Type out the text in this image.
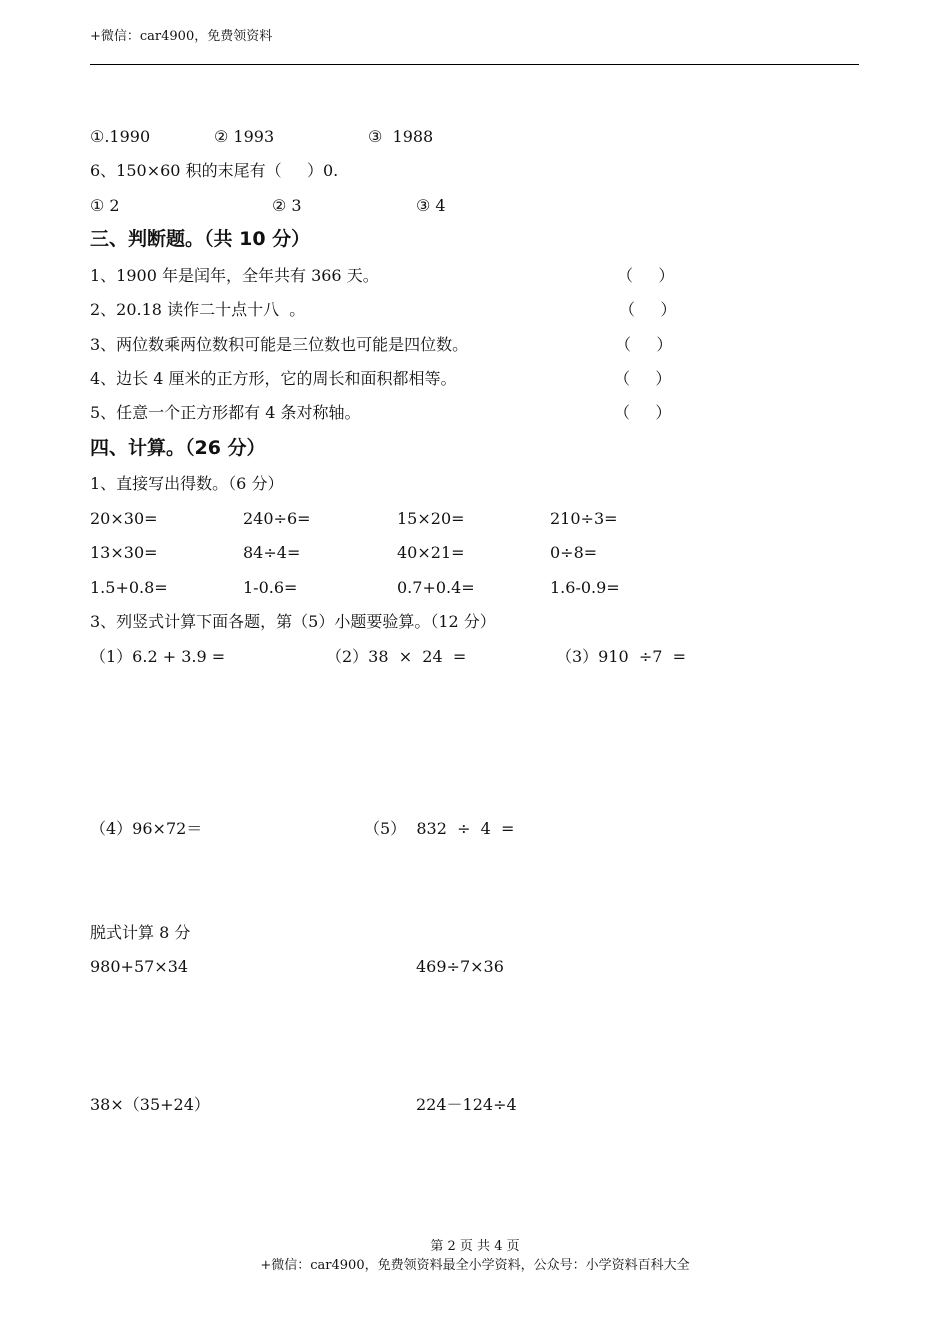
+微信：car4900，免费领资料
①.1990	② 1993	③  1988
6、150×60 积的末尾有（     ）0.
① 2	② 3	③ 4
三、判断题。（共 10 分）
1、1900 年是闰年，全年共有 366 天。	（     ）
2、20.18 读作二十点十八  。	（     ）
3、两位数乘两位数积可能是三位数也可能是四位数。	（     ）
4、边长 4 厘米的正方形，它的周长和面积都相等。	（     ）
5、任意一个正方形都有 4 条对称轴。	（     ）
四、计算。（26 分）
1、直接写出得数。（6 分）
20×30=	240÷6=	15×20=	210÷3=
13×30=	84÷4=	40×21=	0÷8=
1.5+0.8=	1-0.6=	0.7+0.4=	1.6-0.9=
3、列竖式计算下面各题，第（5）小题要验算。（12 分）
（1）6.2 + 3.9 =	（2）38  ×  24  =	（3）910  ÷7  =
（4）96×72＝	（5）  832  ÷  4  =
脱式计算 8 分
980+57×34	469÷7×36
38×（35+24）	224－124÷4
第 2 页 共 4 页
+微信：car4900，免费领资料最全小学资料，公众号：小学资料百科大全
